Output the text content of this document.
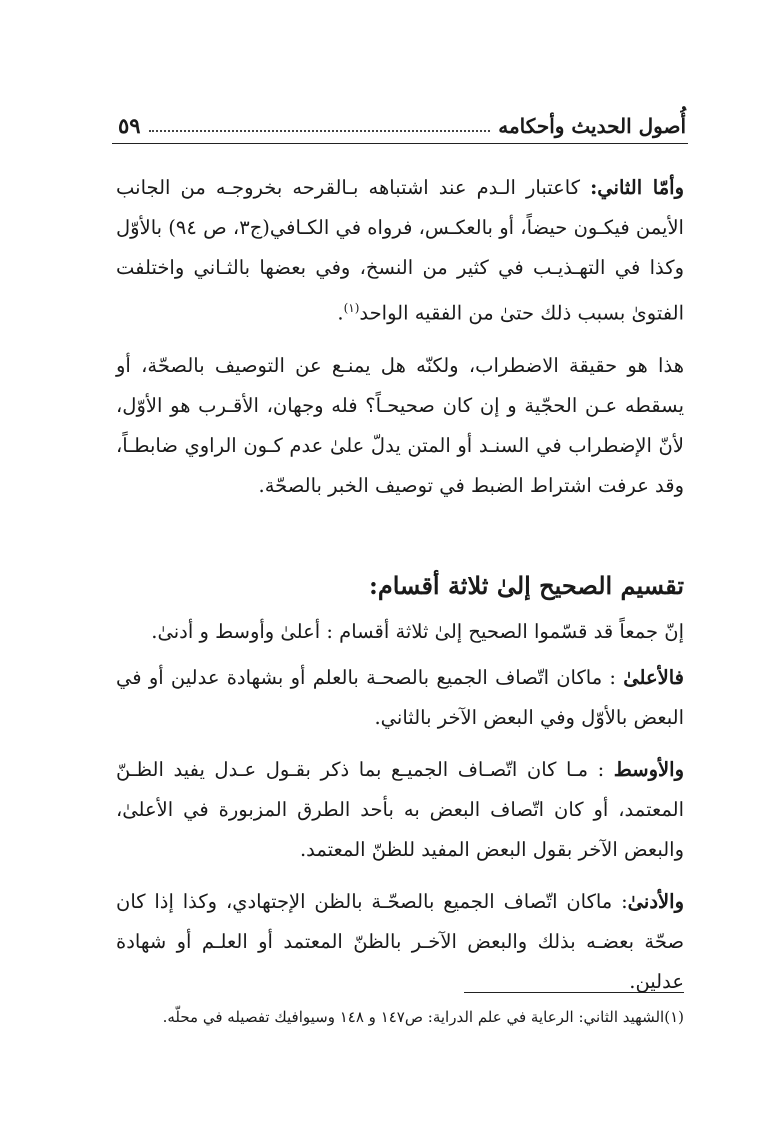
أُصول الحديث وأحكامه
٥٩

وأمّا الثاني: كاعتبار الـدم عند اشتباهه بـالقرحه بخروجـه من الجانب الأيمن فيكـون حيضاً، أو بالعكـس، فرواه في الكـافي(ج٣، ص ٩٤) بالأوّل وكذا في التهـذيـب في كثير من النسخ، وفي بعضها بالثـاني واختلفت الفتوىٰ بسبب ذلك حتىٰ من الفقيه الواحد$^{(١)}$.

هذا هو حقيقة الاضطراب، ولكنّه هل يمنـع عن التوصيف بالصحّة، أو يسقطه عـن الحجّية و إن كان صحيحـاً؟ فله وجهان، الأقـرب هو الأوّل، لأنّ الإضطراب في السنـد أو المتن يدلّ علىٰ عدم كـون الراوي ضابطـاً، وقد عرفت اشتراط الضبط في توصيف الخبر بالصحّة.

تقسيم الصحيح إلىٰ ثلاثة أقسام:

إنّ جمعاً قد قسّموا الصحيح إلىٰ ثلاثة أقسام : أعلىٰ وأوسط و أدنىٰ.

فالأعلىٰ : ماكان اتّصاف الجميع بالصحـة بالعلم أو بشهادة عدلين أو في البعض بالأوّل وفي البعض الآخر بالثاني.

والأوسط : مـا كان اتّصـاف الجميـع بما ذكر بقـول عـدل يفيد الظـنّ المعتمد، أو كان اتّصاف البعض به بأحد الطرق المزبورة في الأعلىٰ، والبعض الآخر بقول البعض المفيد للظنّ المعتمد.

والأدنىٰ: ماكان اتّصاف الجميع بالصحّـة بالظن الإجتهادي، وكذا إذا كان صحّة بعضـه بذلك والبعض الآخـر بالظنّ المعتمد أو العلـم أو شهادة عدلين.

(١)الشهيد الثاني: الرعاية في علم الدراية: ص١٤٧ و ١٤٨ وسيوافيك تفصيله في محلّه.
